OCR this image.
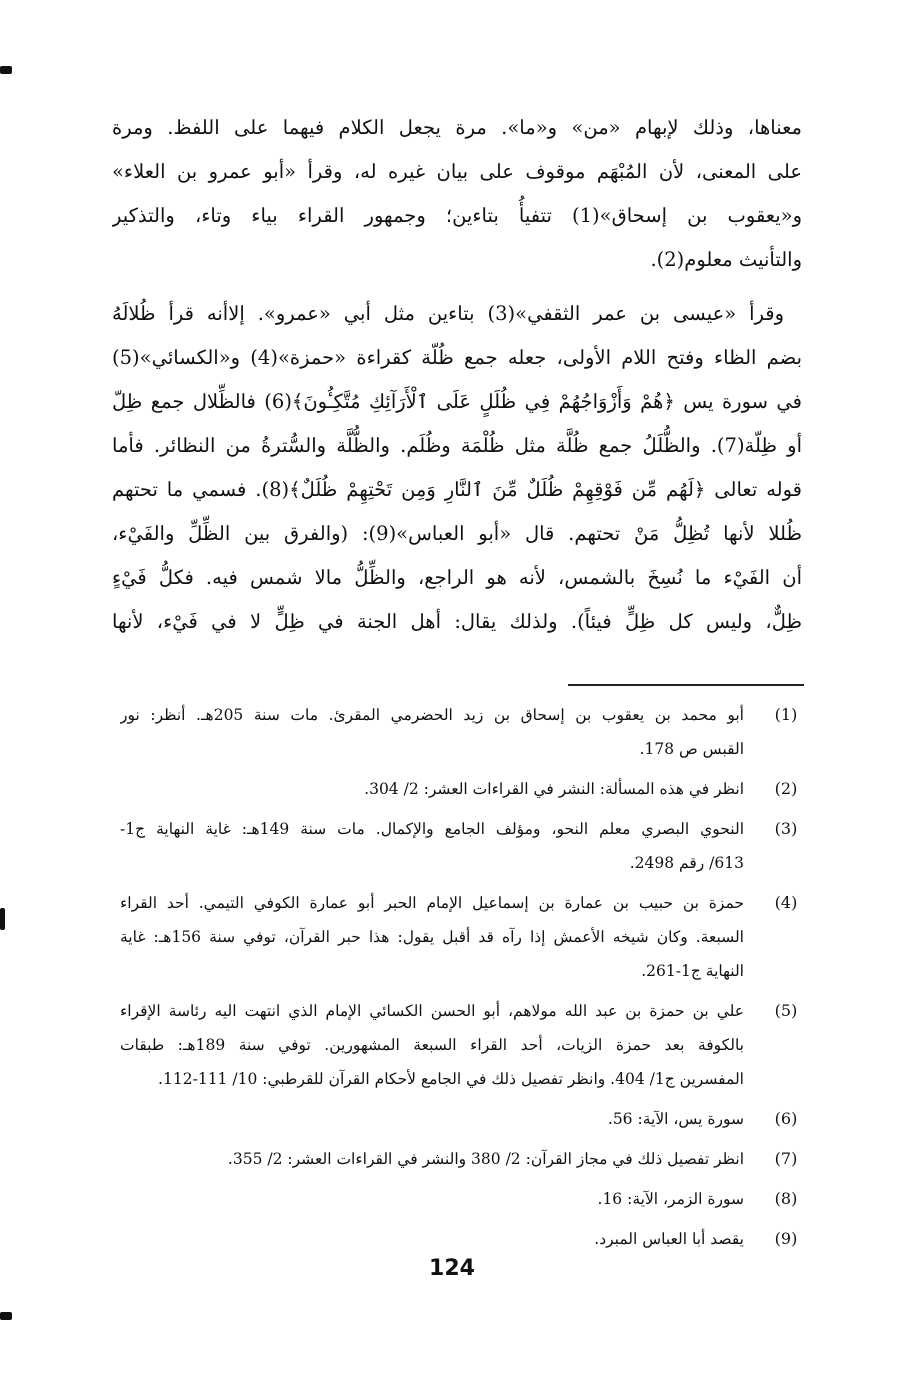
معناها، وذلك لإبهام «من» و«ما». مرة يجعل الكلام فيهما على اللفظ. ومرة
على المعنى، لأن المُبْهَم موقوف على بيان غيره له، وقرأ «أبو عمرو بن العلاء»
و«يعقوب بن إسحاق»(1) تتفيأُ بتاءين؛ وجمهور القراء بياء وتاء، والتذكير
والتأنيث معلوم(2).
وقرأ «عيسى بن عمر الثقفي»(3) بتاءين مثل أبي «عمرو». إلاأنه قرأ ظُلالَهُ
بضم الظاء وفتح اللام الأولى، جعله جمع ظُلّة كقراءة «حمزة»(4) و«الكسائي»(5)
في سورة يس ﴿هُمْ وَأَزْوَاجُهُمْ فِي ظُلَلٍ عَلَى ٱلْأَرَآئِكِ مُتَّكِـُٔونَ﴾(6) فالظِّلال جمع ظِلّ
أو ظِلّة(7). والظُّلَلُ جمع ظُلَّة مثل ظُلْمَة وظُلَم. والظُّلَّة والسُّترةُ من النظائر. فأما
قوله تعالى ﴿لَهُم مِّن فَوْقِهِمْ ظُلَلٌ مِّنَ ٱلنَّارِ وَمِن تَحْتِهِمْ ظُلَلٌ﴾(8). فسمي ما تحتهم
ظُللا لأنها تُظِلُّ مَنْ تحتهم. قال «أبو العباس»(9): (والفرق بين الظِّلِّ والفَيْء،
أن الفَيْء ما نُسِخَ بالشمس، لأنه هو الراجع، والظِّلُّ مالا شمس فيه. فكلُّ فَيْءٍ
ظِلٌّ، وليس كل ظِلٍّ فيئاً). ولذلك يقال: أهل الجنة في ظِلٍّ لا في فَيْء، لأنها
(1)
أبو محمد بن يعقوب بن إسحاق بن زيد الحضرمي المقرئ. مات سنة 205هـ. أنظر: نور
القبس ص 178.
(2)
انظر في هذه المسألة: النشر في القراءات العشر: 2/ 304.
(3)
النحوي البصري معلم النحو، ومؤلف الجامع والإكمال. مات سنة 149هـ: غاية النهاية ج1-
613/ رقم 2498.
(4)
حمزة بن حبيب بن عمارة بن إسماعيل الإمام الحبر أبو عمارة الكوفي التيمي. أحد القراء
السبعة. وكان شيخه الأعمش إذا رآه قد أقبل يقول: هذا حبر القرآن، توفي سنة 156هـ: غاية
النهاية ج1-261.
(5)
علي بن حمزة بن عبد الله مولاهم، أبو الحسن الكسائي الإمام الذي انتهت اليه رئاسة الإقراء
بالكوفة بعد حمزة الزيات، أحد القراء السبعة المشهورين. توفي سنة 189هـ: طبقات
المفسرين ج1/ 404. وانظر تفصيل ذلك في الجامع لأحكام القرآن للقرطبي: 10/ 111-112.
(6)
سورة يس، الآية: 56.
(7)
انظر تفصيل ذلك في مجاز القرآن: 2/ 380 والنشر في القراءات العشر: 2/ 355.
(8)
سورة الزمر، الآية: 16.
(9)
يقصد أبا العباس المبرد.
124
